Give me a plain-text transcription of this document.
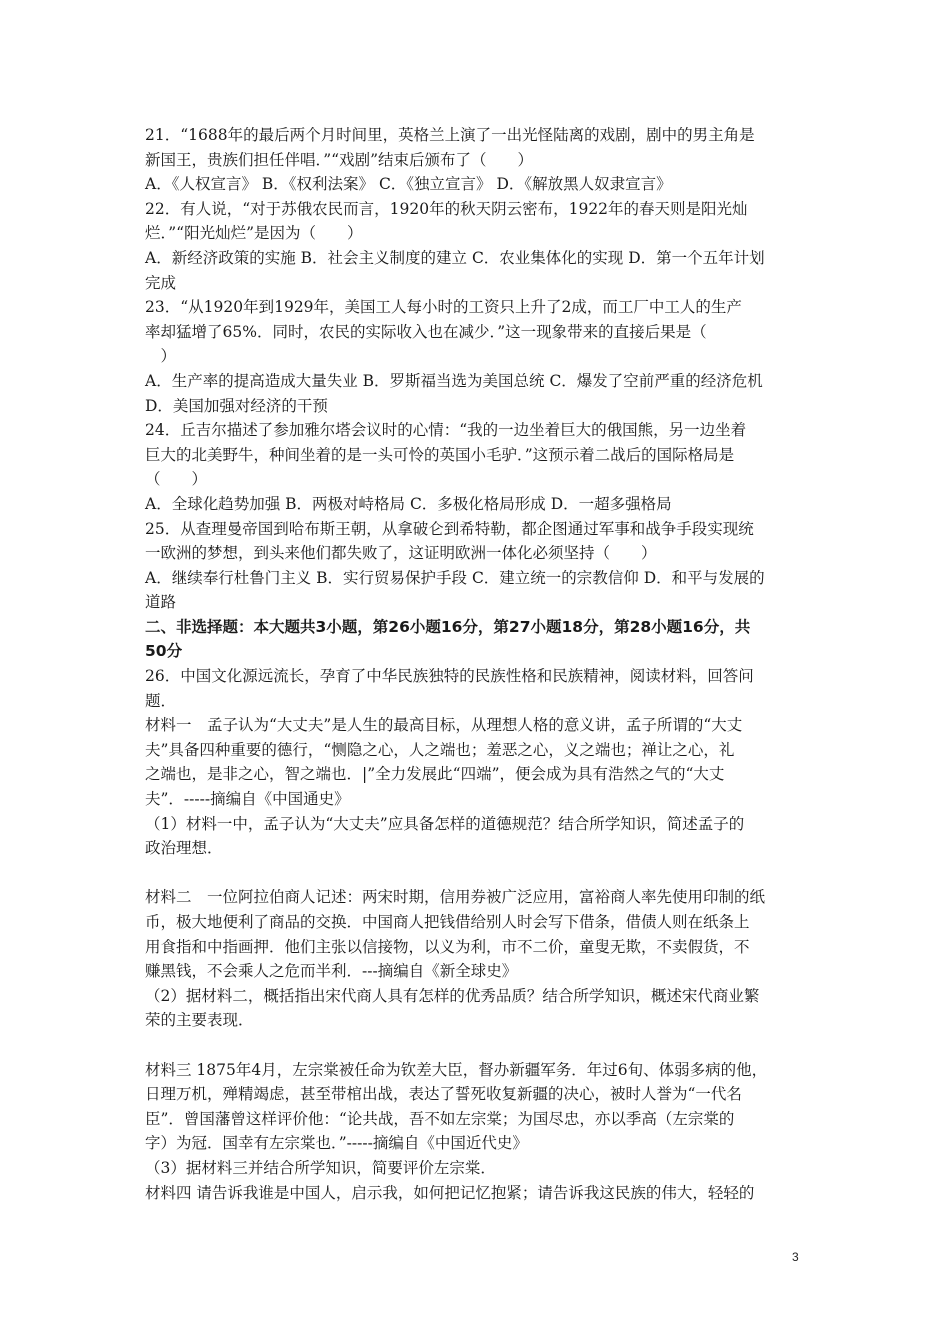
21．“1688年的最后两个月时间里，英格兰上演了一出光怪陆离的戏剧，剧中的男主角是

新国王，贵族们担任伴唱．”“戏剧”结束后颁布了（　　）

A．《人权宣言》 B．《权利法案》 C．《独立宣言》 D．《解放黑人奴隶宣言》

22．有人说，“对于苏俄农民而言，1920年的秋天阴云密布，1922年的春天则是阳光灿

烂．”“阳光灿烂”是因为（　　）

A．新经济政策的实施 B．社会主义制度的建立 C．农业集体化的实现 D．第一个五年计划

完成

23．“从1920年到1929年，美国工人每小时的工资只上升了2成，而工厂中工人的生产

率却猛增了65%．同时，农民的实际收入也在减少．”这一现象带来的直接后果是（

　）

A．生产率的提高造成大量失业 B．罗斯福当选为美国总统 C．爆发了空前严重的经济危机

D．美国加强对经济的干预

24．丘吉尔描述了参加雅尔塔会议时的心情：“我的一边坐着巨大的俄国熊，另一边坐着

巨大的北美野牛，种间坐着的是一头可怜的英国小毛驴．”这预示着二战后的国际格局是

（　　）

A．全球化趋势加强 B．两极对峙格局 C．多极化格局形成 D．一超多强格局

25．从查理曼帝国到哈布斯王朝，从拿破仑到希特勒，都企图通过军事和战争手段实现统

一欧洲的梦想，到头来他们都失败了，这证明欧洲一体化必须坚持（　　）

A．继续奉行杜鲁门主义 B．实行贸易保护手段 C．建立统一的宗教信仰 D．和平与发展的

道路

二、非选择题：本大题共3小题，第26小题16分，第27小题18分，第28小题16分，共

50分

26．中国文化源远流长，孕育了中华民族独特的民族性格和民族精神，阅读材料，回答问

题．

材料一　孟子认为“大丈夫”是人生的最高目标，从理想人格的意义讲，孟子所谓的“大丈

夫”具备四种重要的德行，“恻隐之心，人之端也；羞恶之心，义之端也；禅让之心，礼

之端也，是非之心，智之端也．|”全力发展此“四端”，便会成为具有浩然之气的“大丈

夫”．-----摘编自《中国通史》

（1）材料一中，孟子认为“大丈夫”应具备怎样的道德规范？结合所学知识，简述孟子的

政治理想．

材料二　一位阿拉伯商人记述：两宋时期，信用券被广泛应用，富裕商人率先使用印制的纸

币，极大地便利了商品的交换．中国商人把钱借给别人时会写下借条，借债人则在纸条上

用食指和中指画押．他们主张以信接物，以义为利，市不二价，童叟无欺，不卖假货，不

赚黑钱，不会乘人之危而半利．---摘编自《新全球史》

（2）据材料二，概括指出宋代商人具有怎样的优秀品质？结合所学知识，概述宋代商业繁

荣的主要表现．

材料三 1875年4月，左宗棠被任命为钦差大臣，督办新疆军务．年过6旬、体弱多病的他，

日理万机，殚精竭虑，甚至带棺出战，表达了誓死收复新疆的决心，被时人誉为“一代名

臣”．曾国藩曾这样评价他：“论共战，吾不如左宗棠；为国尽忠，亦以季高（左宗棠的

字）为冠．国幸有左宗棠也．”-----摘编自《中国近代史》

（3）据材料三并结合所学知识，简要评价左宗棠．

材料四 请告诉我谁是中国人，启示我，如何把记忆抱紧；请告诉我这民族的伟大，轻轻的

3
